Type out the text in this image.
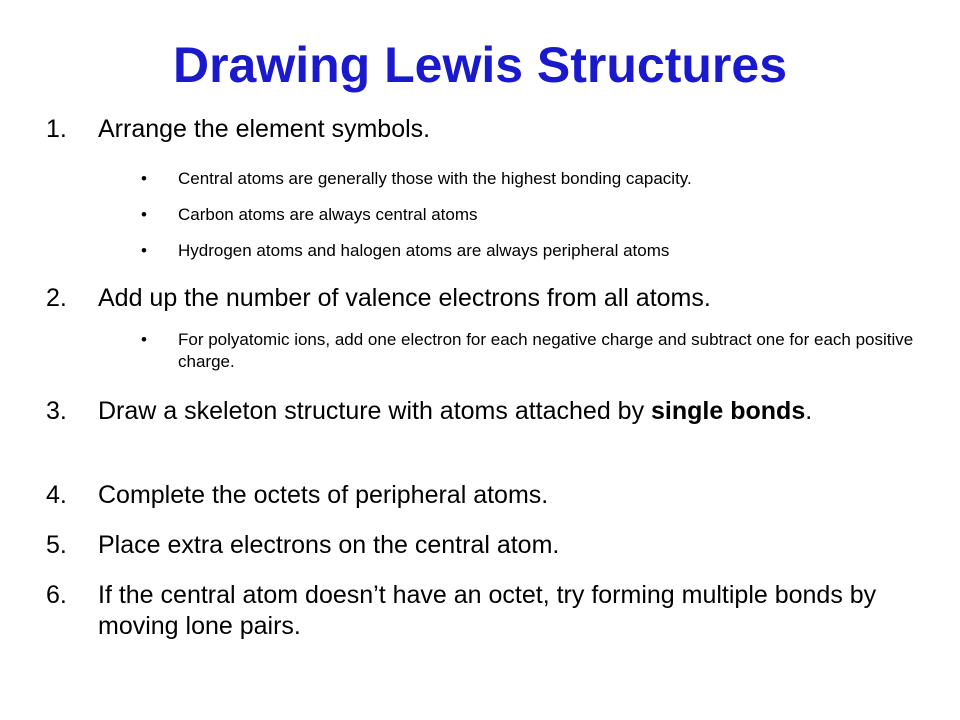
Drawing Lewis Structures
1. Arrange the element symbols.
• Central atoms are generally those with the highest bonding capacity.
• Carbon atoms are always central atoms
• Hydrogen atoms and halogen atoms are always peripheral atoms
2. Add up the number of valence electrons from all atoms.
• For polyatomic ions, add one electron for each negative charge and subtract one for each positive charge.
3. Draw a skeleton structure with atoms attached by single bonds.
4. Complete the octets of peripheral atoms.
5. Place extra electrons on the central atom.
6. If the central atom doesn’t have an octet, try forming multiple bonds by moving lone pairs.
